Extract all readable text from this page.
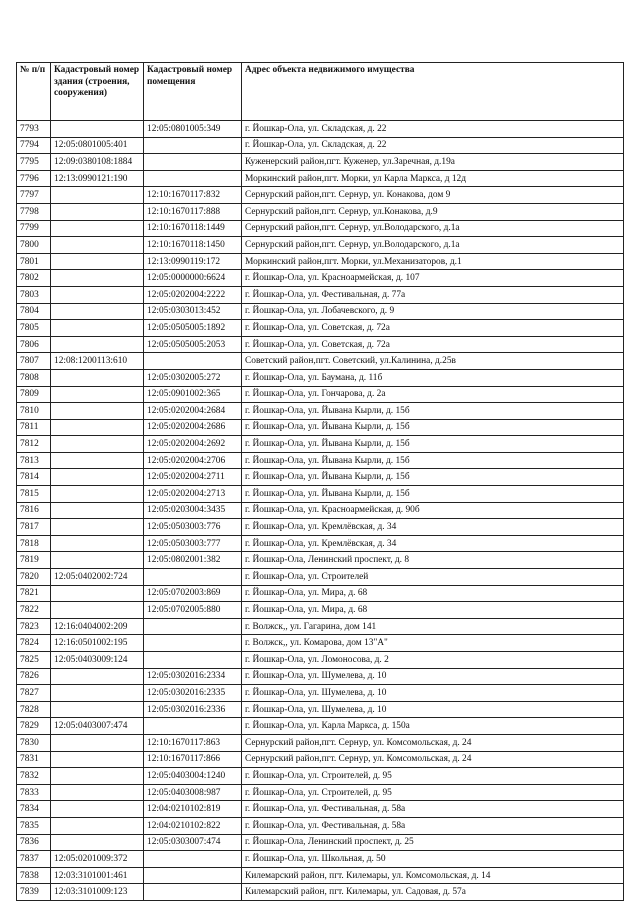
№ п/п	Кадастровый номер здания (строения, сооружения)	Кадастровый номер помещения	Адрес объекта недвижимого имущества
7793		12:05:0801005:349	г. Йошкар-Ола, ул. Складская, д. 22
7794	12:05:0801005:401		г. Йошкар-Ола, ул. Складская, д. 22
7795	12:09:0380108:1884		Куженерский район,пгт. Куженер, ул.Заречная, д.19а
7796	12:13:0990121:190		Моркинский район,пгт. Морки, ул Карла Маркса, д 12д
7797		12:10:1670117:832	Сернурский район,пгт. Сернур, ул. Конакова, дом 9
7798		12:10:1670117:888	Сернурский район,пгт. Сернур, ул.Конакова, д.9
7799		12:10:1670118:1449	Сернурский район,пгт. Сернур, ул.Володарского, д.1а
7800		12:10:1670118:1450	Сернурский район,пгт. Сернур, ул.Володарского, д.1а
7801		12:13:0990119:172	Моркинский район,пгт. Морки, ул.Механизаторов, д.1
7802		12:05:0000000:6624	г. Йошкар-Ола, ул. Красноармейская, д. 107
7803		12:05:0202004:2222	г. Йошкар-Ола, ул. Фестивальная, д. 77а
7804		12:05:0303013:452	г. Йошкар-Ола, ул. Лобачевского, д. 9
7805		12:05:0505005:1892	г. Йошкар-Ола, ул. Советская, д. 72а
7806		12:05:0505005:2053	г. Йошкар-Ола, ул. Советская, д. 72а
7807	12:08:1200113:610		Советский район,пгт. Советский, ул.Калинина, д.25в
7808		12:05:0302005:272	г. Йошкар-Ола, ул. Баумана, д. 11б
7809		12:05:0901002:365	г. Йошкар-Ола, ул. Гончарова, д. 2а
7810		12:05:0202004:2684	г. Йошкар-Ола, ул. Йывана Кырли, д. 15б
7811		12:05:0202004:2686	г. Йошкар-Ола, ул. Йывана Кырли, д. 15б
7812		12:05:0202004:2692	г. Йошкар-Ола, ул. Йывана Кырли, д. 15б
7813		12:05:0202004:2706	г. Йошкар-Ола, ул. Йывана Кырли, д. 15б
7814		12:05:0202004:2711	г. Йошкар-Ола, ул. Йывана Кырли, д. 15б
7815		12:05:0202004:2713	г. Йошкар-Ола, ул. Йывана Кырли, д. 15б
7816		12:05:0203004:3435	г. Йошкар-Ола, ул. Красноармейская, д. 90б
7817		12:05:0503003:776	г. Йошкар-Ола, ул. Кремлёвская, д. 34
7818		12:05:0503003:777	г. Йошкар-Ола, ул. Кремлёвская, д. 34
7819		12:05:0802001:382	г. Йошкар-Ола, Ленинский проспект, д. 8
7820	12:05:0402002:724		г. Йошкар-Ола, ул. Строителей
7821		12:05:0702003:869	г. Йошкар-Ола, ул. Мира, д. 68
7822		12:05:0702005:880	г. Йошкар-Ола, ул. Мира, д. 68
7823	12:16:0404002:209		г. Волжск,, ул. Гагарина, дом 141
7824	12:16:0501002:195		г. Волжск,, ул. Комарова, дом 13"А"
7825	12:05:0403009:124		г. Йошкар-Ола, ул. Ломоносова, д. 2
7826		12:05:0302016:2334	г. Йошкар-Ола, ул. Шумелева, д. 10
7827		12:05:0302016:2335	г. Йошкар-Ола, ул. Шумелева, д. 10
7828		12:05:0302016:2336	г. Йошкар-Ола, ул. Шумелева, д. 10
7829	12:05:0403007:474		г. Йошкар-Ола, ул. Карла Маркса, д. 150а
7830		12:10:1670117:863	Сернурский район,пгт. Сернур, ул. Комсомольская, д. 24
7831		12:10:1670117:866	Сернурский район,пгт. Сернур, ул. Комсомольская, д. 24
7832		12:05:0403004:1240	г. Йошкар-Ола, ул. Строителей, д. 95
7833		12:05:0403008:987	г. Йошкар-Ола, ул. Строителей, д. 95
7834		12:04:0210102:819	г. Йошкар-Ола, ул. Фестивальная, д. 58а
7835		12:04:0210102:822	г. Йошкар-Ола, ул. Фестивальная, д. 58а
7836		12:05:0303007:474	г. Йошкар-Ола, Ленинский проспект, д. 25
7837	12:05:0201009:372		г. Йошкар-Ола, ул. Школьная, д. 50
7838	12:03:3101001:461		Килемарский район, пгт. Килемары, ул. Комсомольская, д. 14
7839	12:03:3101009:123		Килемарский район, пгт. Килемары, ул. Садовая, д. 57а
